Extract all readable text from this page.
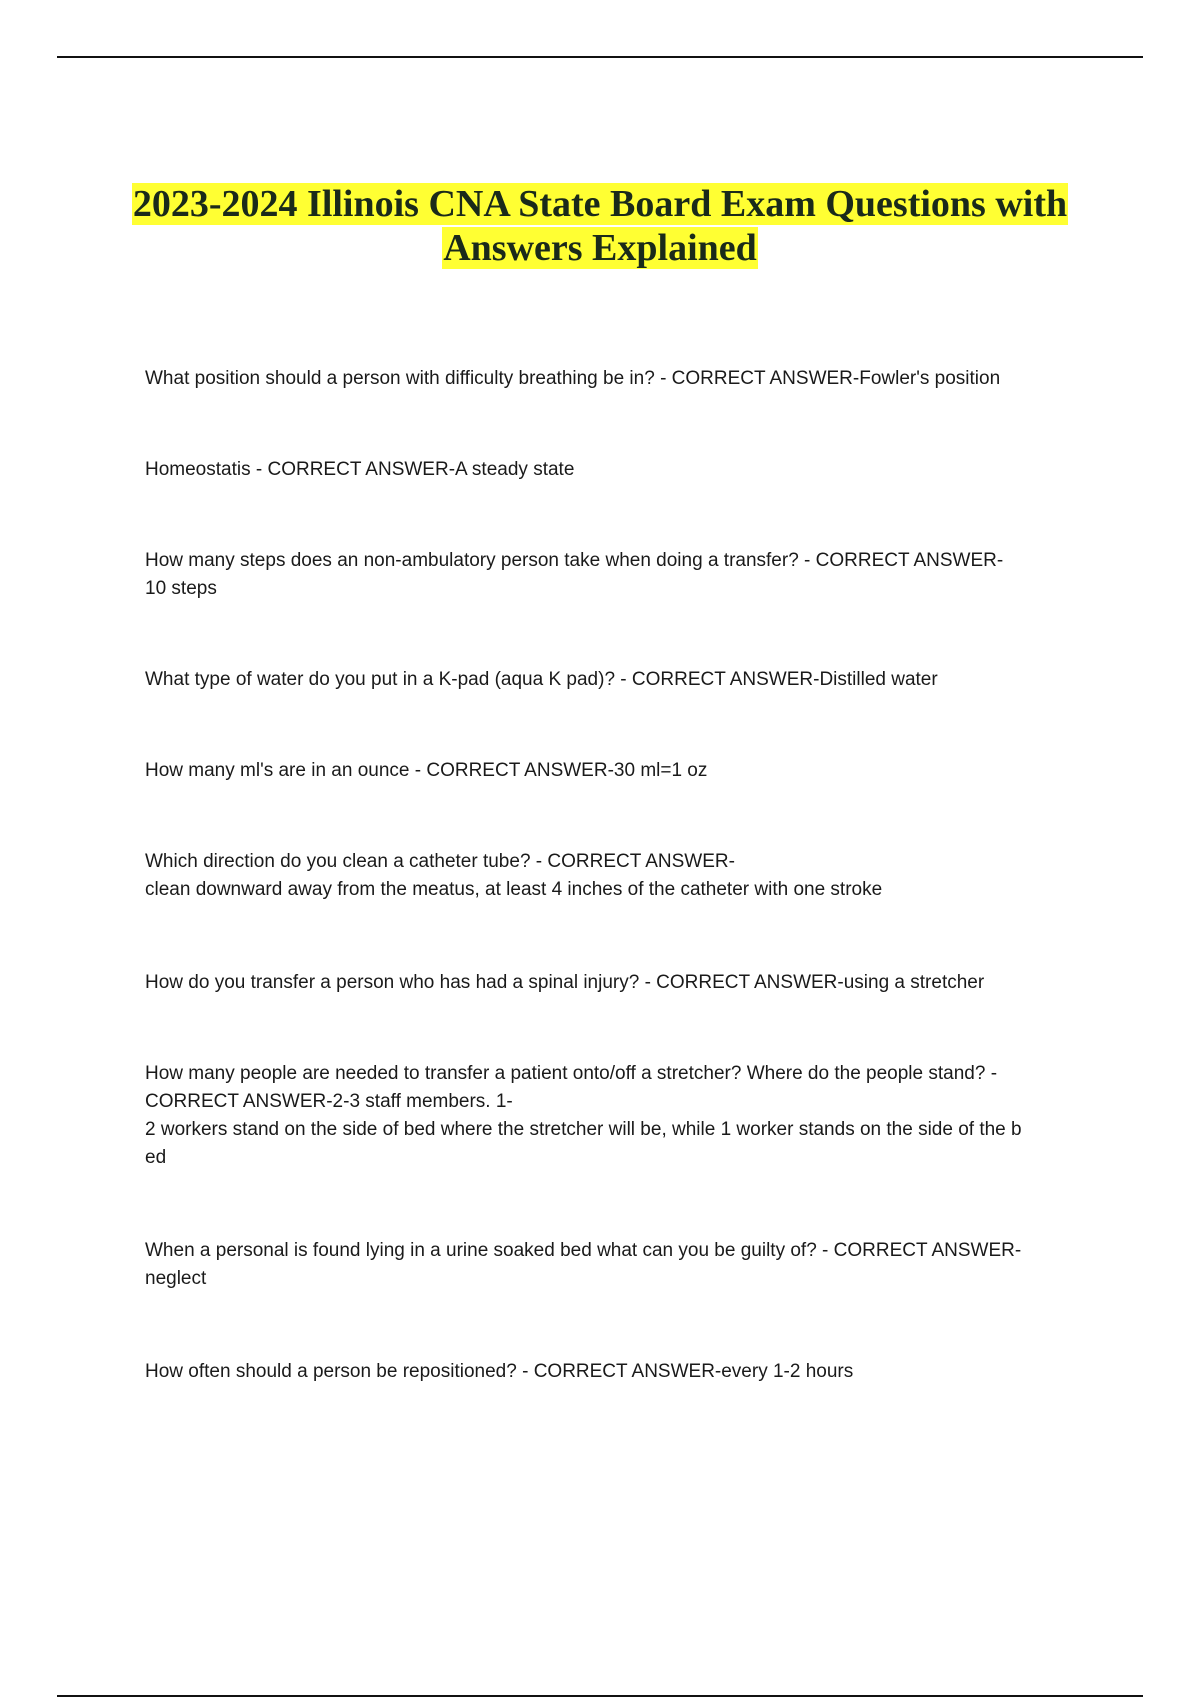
2023-2024 Illinois CNA State Board Exam Questions with
Answers Explained
What position should a person with difficulty breathing be in? - CORRECT ANSWER-Fowler's position
Homeostatis - CORRECT ANSWER-A steady state
How many steps does an non-ambulatory person take when doing a transfer? - CORRECT ANSWER-
10 steps
What type of water do you put in a K-pad (aqua K pad)? - CORRECT ANSWER-Distilled water
How many ml's are in an ounce - CORRECT ANSWER-30 ml=1 oz
Which direction do you clean a catheter tube? - CORRECT ANSWER-
clean downward away from the meatus, at least 4 inches of the catheter with one stroke
How do you transfer a person who has had a spinal injury? - CORRECT ANSWER-using a stretcher
How many people are needed to transfer a patient onto/off a stretcher? Where do the people stand? -
CORRECT ANSWER-2-3 staff members. 1-
2 workers stand on the side of bed where the stretcher will be, while 1 worker stands on the side of the b
ed
When a personal is found lying in a urine soaked bed what can you be guilty of? - CORRECT ANSWER-
neglect
How often should a person be repositioned? - CORRECT ANSWER-every 1-2 hours
